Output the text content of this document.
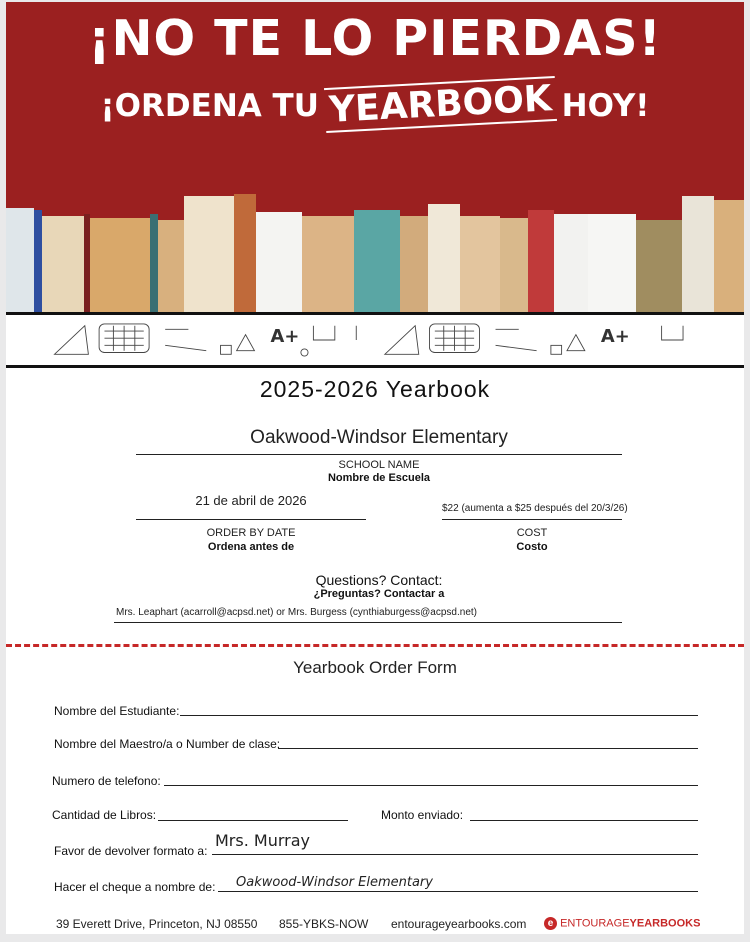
¡NO TE LO PIERDAS!
¡ORDENA TU YEARBOOK HOY!
A+	A+
2025-2026 Yearbook
Oakwood-Windsor Elementary
SCHOOL NAME
Nombre de Escuela
21 de abril de 2026
ORDER BY DATE
Ordena antes de
$22 (aumenta a $25 después del 20/3/26)
COST
Costo
Questions? Contact:
¿Preguntas? Contactar a
Mrs. Leaphart (acarroll@acpsd.net) or Mrs. Burgess (cynthiaburgess@acpsd.net)
Yearbook Order Form
Nombre del Estudiante:
Nombre del Maestro/a o Number de clase:
Numero de telefono:
Cantidad de Libros:	Monto enviado:
Favor de devolver formato a:
Mrs. Murray
Hacer el cheque a nombre de: Oakwood-Windsor Elementary
39 Everett Drive, Princeton, NJ 08550 855-YBKS-NOW entourageyearbooks.com	e ENTOURAGEYEARBOOKS
